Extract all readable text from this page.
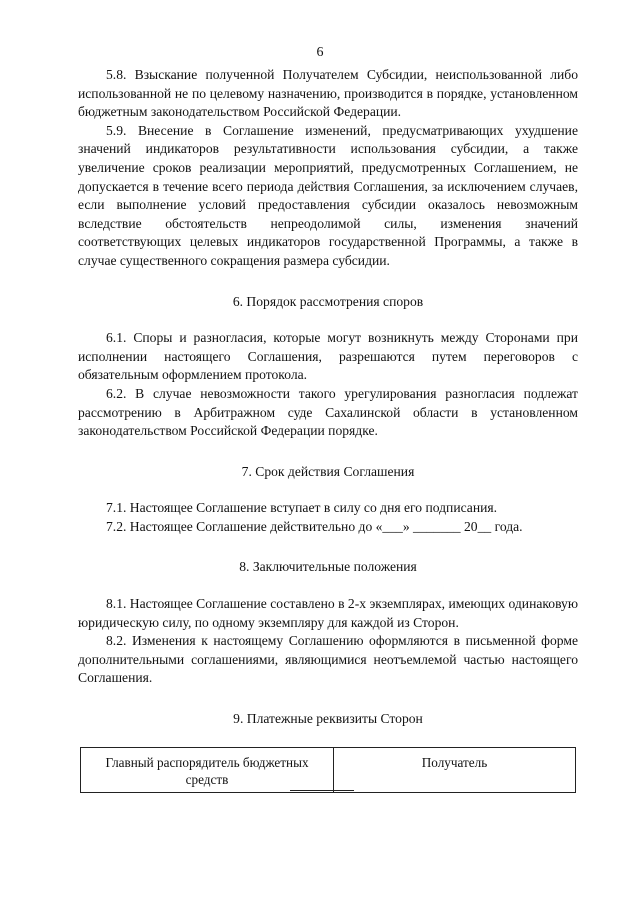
6

5.8. Взыскание полученной Получателем Субсидии, неиспользованной либо использованной не по целевому назначению, производится в порядке, установленном бюджетным законодательством Российской Федерации.

5.9. Внесение в Соглашение изменений, предусматривающих ухудшение значений индикаторов результативности использования субсидии, а также увеличение сроков реализации мероприятий, предусмотренных Соглашением, не допускается в течение всего периода действия Соглашения, за исключением случаев, если выполнение условий предоставления субсидии оказалось невозможным вследствие обстоятельств непреодолимой силы, изменения значений соответствующих целевых индикаторов государственной Программы, а также в случае существенного сокращения размера субсидии.

6. Порядок рассмотрения споров

6.1. Споры и разногласия, которые могут возникнуть между Сторонами при исполнении настоящего Соглашения, разрешаются путем переговоров с обязательным оформлением протокола.

6.2. В случае невозможности такого урегулирования разногласия подлежат рассмотрению в Арбитражном суде Сахалинской области в установленном законодательством Российской Федерации порядке.

7. Срок действия Соглашения

7.1. Настоящее Соглашение вступает в силу со дня его подписания.

7.2. Настоящее Соглашение действительно до «___» _______ 20__ года.

8. Заключительные положения

8.1. Настоящее Соглашение составлено в 2-х экземплярах, имеющих одинаковую юридическую силу, по одному экземпляру для каждой из Сторон.

8.2. Изменения к настоящему Соглашению оформляются в письменной форме дополнительными соглашениями, являющимися неотъемлемой частью настоящего Соглашения.

9. Платежные реквизиты Сторон
Главный распорядитель бюджетных средств	Получатель
